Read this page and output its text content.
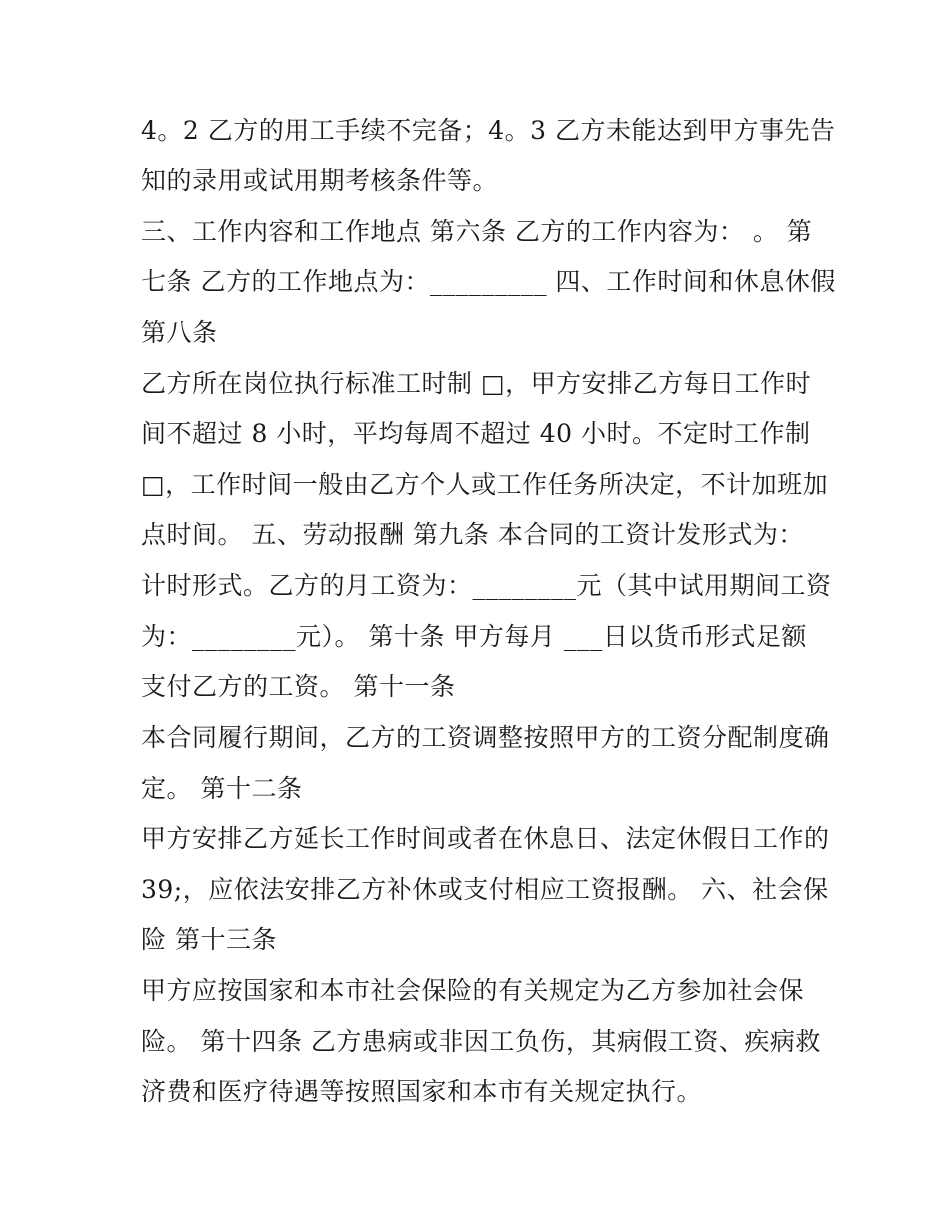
4。2 乙方的用工手续不完备；4。3 乙方未能达到甲方事先告
知的录用或试用期考核条件等。
三、工作内容和工作地点 第六条 乙方的工作内容为： 。 第
七条 乙方的工作地点为：_________ 四、工作时间和休息休假
第八条
乙方所在岗位执行标准工时制 □，甲方安排乙方每日工作时
间不超过 8 小时，平均每周不超过 40 小时。不定时工作制
□，工作时间一般由乙方个人或工作任务所决定，不计加班加
点时间。 五、劳动报酬 第九条 本合同的工资计发形式为：
计时形式。乙方的月工资为：________元（其中试用期间工资
为：________元）。 第十条 甲方每月 ___日以货币形式足额
支付乙方的工资。 第十一条
本合同履行期间，乙方的工资调整按照甲方的工资分配制度确
定。 第十二条
甲方安排乙方延长工作时间或者在休息日、法定休假日工作的
39;，应依法安排乙方补休或支付相应工资报酬。 六、社会保
险 第十三条
甲方应按国家和本市社会保险的有关规定为乙方参加社会保
险。 第十四条 乙方患病或非因工负伤，其病假工资、疾病救
济费和医疗待遇等按照国家和本市有关规定执行。
